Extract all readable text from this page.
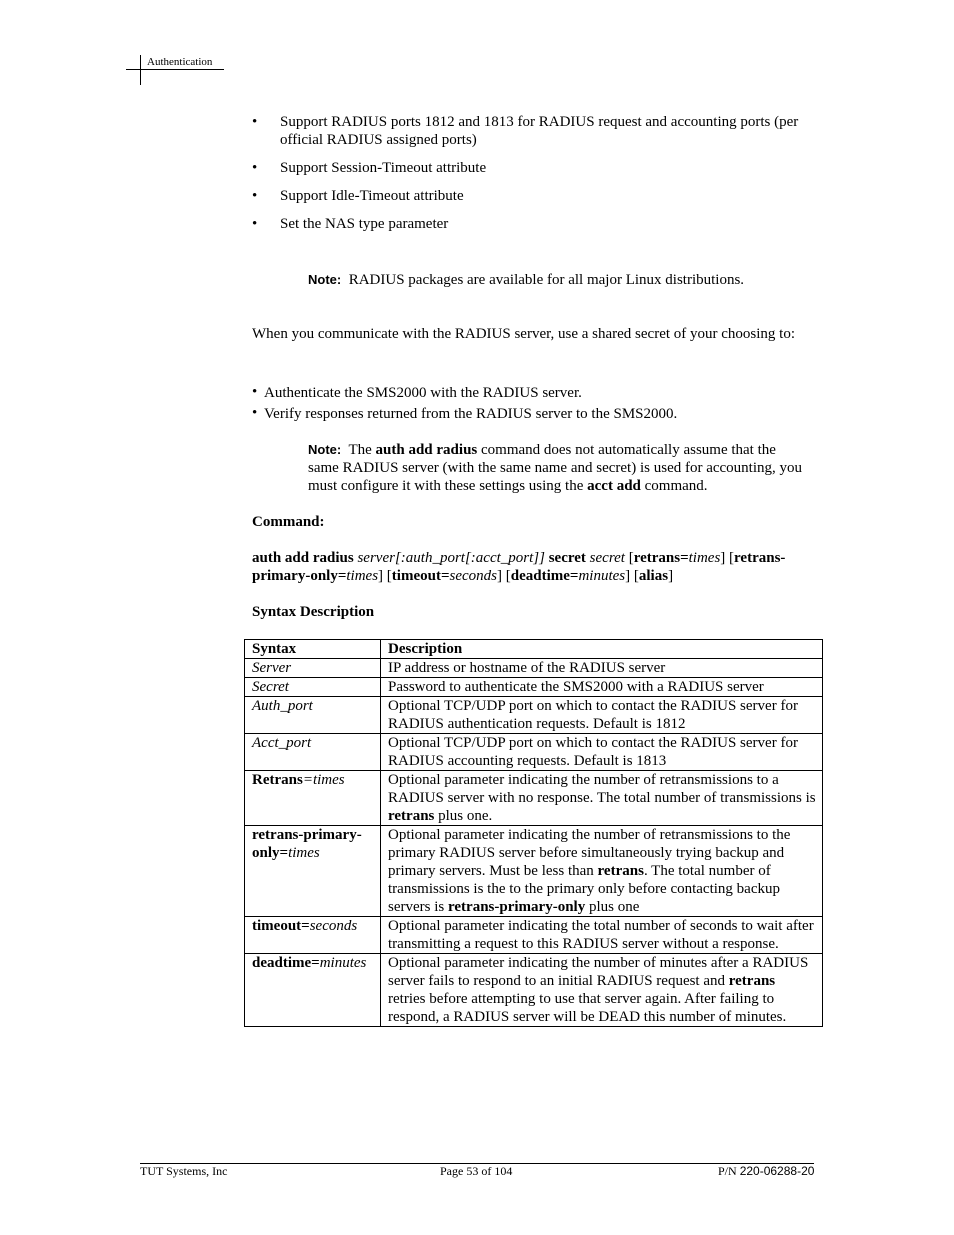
Authentication
• Support RADIUS ports 1812 and 1813 for RADIUS request and accounting ports (per official RADIUS assigned ports)
• Support Session-Timeout attribute
• Support Idle-Timeout attribute
• Set the NAS type parameter
Note: RADIUS packages are available for all major Linux distributions.
When you communicate with the RADIUS server, use a shared secret of your choosing to:
• Authenticate the SMS2000 with the RADIUS server.
• Verify responses returned from the RADIUS server to the SMS2000.
Note: The auth add radius command does not automatically assume that the same RADIUS server (with the same name and secret) is used for accounting, you must configure it with these settings using the acct add command.
Command:
auth add radius server[:auth_port[:acct_port]] secret secret [retrans=times] [retrans-
primary-only=times] [timeout=seconds] [deadtime=minutes] [alias]
Syntax Description
Syntax	Description
Server	IP address or hostname of the RADIUS server
Secret	Password to authenticate the SMS2000 with a RADIUS server
Auth_port	Optional TCP/UDP port on which to contact the RADIUS server for RADIUS authentication requests. Default is 1812
Acct_port	Optional TCP/UDP port on which to contact the RADIUS server for RADIUS accounting requests. Default is 1813
Retrans=times	Optional parameter indicating the number of retransmissions to a RADIUS server with no response. The total number of transmissions is retrans plus one.
retrans-primary-
only=times	Optional parameter indicating the number of retransmissions to the primary RADIUS server before simultaneously trying backup and primary servers. Must be less than retrans. The total number of transmissions is the to the primary only before contacting backup servers is retrans-primary-only plus one
timeout=seconds	Optional parameter indicating the total number of seconds to wait after transmitting a request to this RADIUS server without a response.
deadtime=minutes	Optional parameter indicating the number of minutes after a RADIUS server fails to respond to an initial RADIUS request and retrans retries before attempting to use that server again. After failing to respond, a RADIUS server will be DEAD this number of minutes.
TUT Systems, Inc	Page 53 of 104	P/N 220-06288-20
